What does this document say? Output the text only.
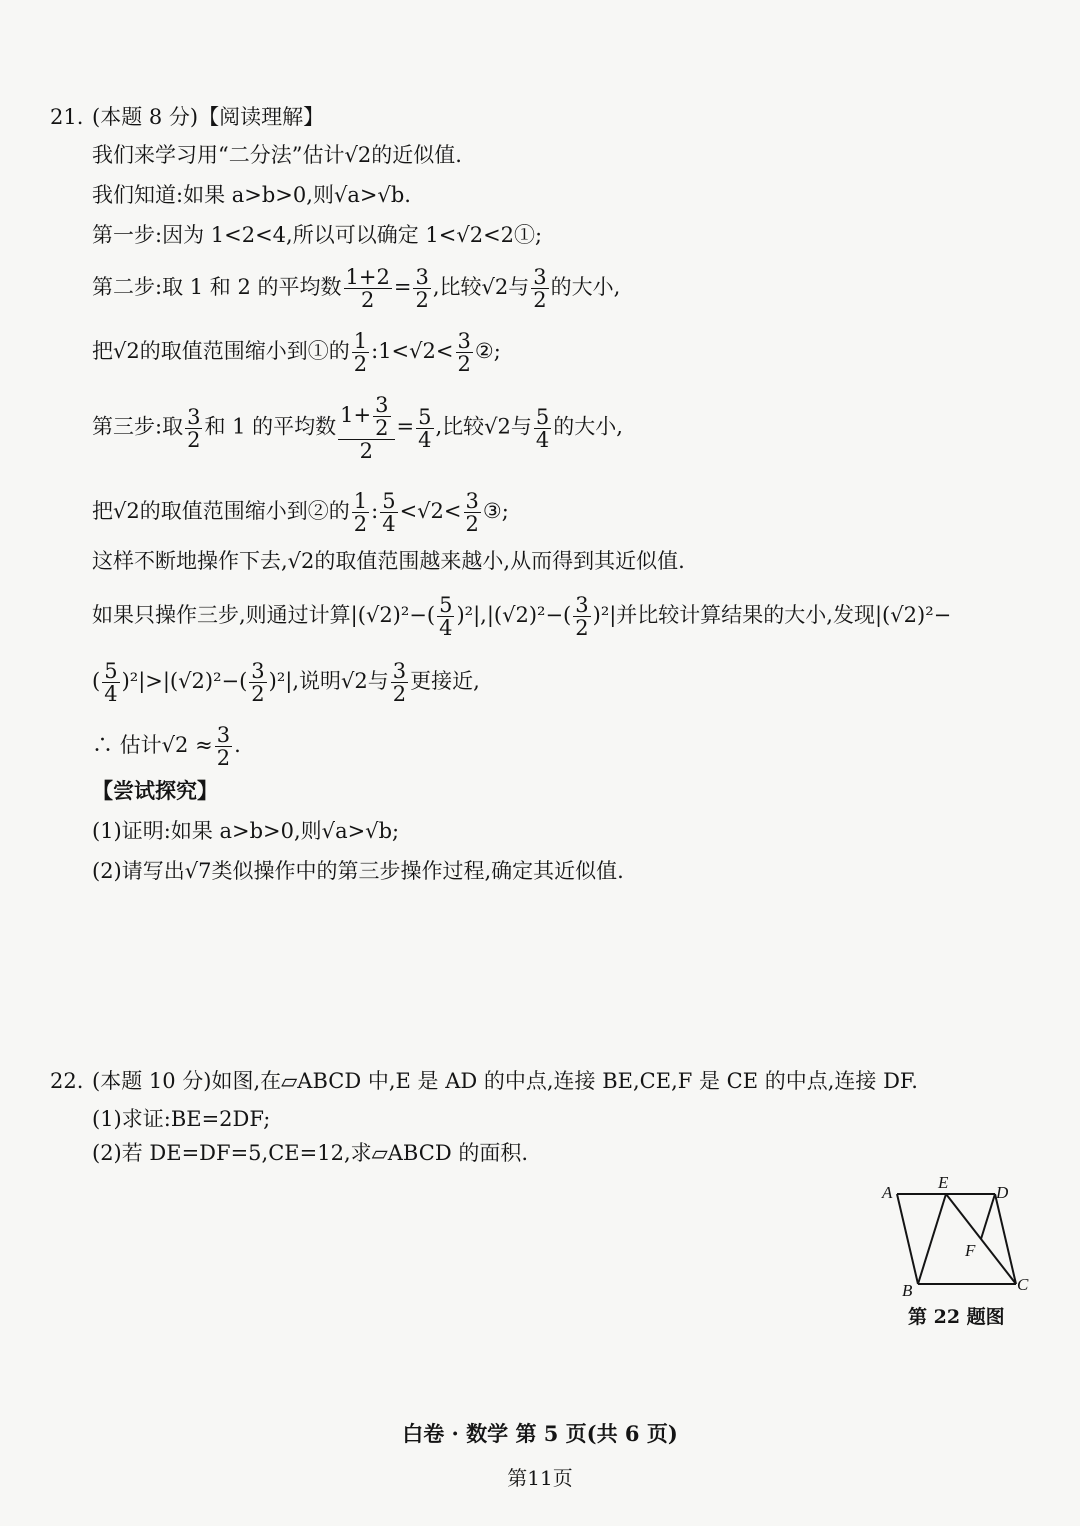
21. (本题 8 分)【阅读理解】
我们来学习用“二分法”估计√2的近似值.
我们知道:如果 a>b>0,则√a>√b.
第一步:因为 1<2<4,所以可以确定 1<√2<2①;
第二步:取 1 和 2 的平均数 $\frac{1+2}{2} = \frac{3}{2}$ ,比较√2与 $\frac{3}{2}$ 的大小,
把√2的取值范围缩小到①的 $\frac{1}{2}$ :1<√2< $\frac{3}{2}$ ②;
第三步:取 $\frac{3}{2}$ 和 1 的平均数 $\frac{1+ \frac{3}{2}}{2} = \frac{5}{4}$ ,比较√2与 $\frac{5}{4}$ 的大小,
把√2的取值范围缩小到②的 $\frac{1}{2}$ : $\frac{5}{4} <√2< \frac{3}{2}$ ③;
这样不断地操作下去,√2的取值范围越来越小,从而得到其近似值.
如果只操作三步,则通过计算$|(√2)^2-( \frac{5}{4} )^2|,|(√2)^2-( \frac{3}{2} )^2|$并比较计算结果的大小,发现|(√2)²−
( $\frac{5}{4} )^2|>|(√2)^2-( \frac{3}{2} )^2|$,说明√2与 $\frac{3}{2}$ 更接近,
∴ 估计$√2 \approx \frac{3}{2}$ .
【尝试探究】
(1)证明:如果 a>b>0,则√a>√b;
(2)请写出√7类似操作中的第三步操作过程,确定其近似值.
22. (本题 10 分)如图,在▱ABCD 中,E 是 AD 的中点,连接 BE,CE,F 是 CE 的中点,连接 DF.
(1)求证:BE=2DF;
(2)若 DE=DF=5,CE=12,求▱ABCD 的面积.
A
E
D
F
B	C
第 22 题图
白卷 · 数学 第 5 页(共 6 页)
第11页
